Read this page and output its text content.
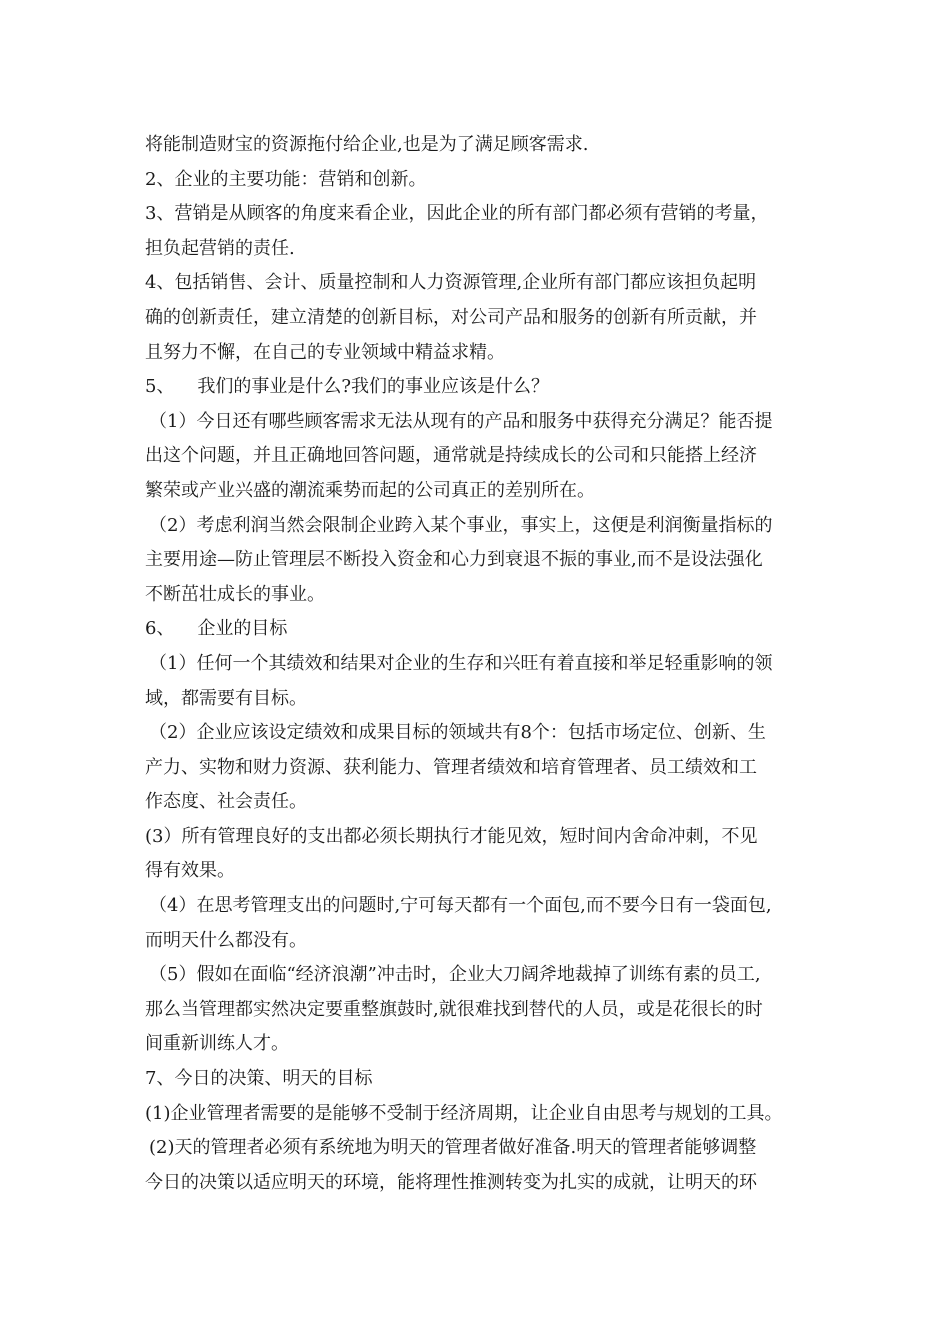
将能制造财宝的资源拖付给企业,也是为了满足顾客需求.
2、企业的主要功能：营销和创新。
3、营销是从顾客的角度来看企业，因此企业的所有部门都必须有营销的考量，
担负起营销的责任.
4、包括销售、会计、质量控制和人力资源管理,企业所有部门都应该担负起明
确的创新责任，建立清楚的创新目标，对公司产品和服务的创新有所贡献，并
且努力不懈，在自己的专业领域中精益求精。
5、    我们的事业是什么?我们的事业应该是什么？
（1）今日还有哪些顾客需求无法从现有的产品和服务中获得充分满足？能否提
出这个问题，并且正确地回答问题，通常就是持续成长的公司和只能搭上经济
繁荣或产业兴盛的潮流乘势而起的公司真正的差别所在。
（2）考虑利润当然会限制企业跨入某个事业，事实上，这便是利润衡量指标的
主要用途—防止管理层不断投入资金和心力到衰退不振的事业,而不是设法强化
不断茁壮成长的事业。
6、    企业的目标
（1）任何一个其绩效和结果对企业的生存和兴旺有着直接和举足轻重影响的领
域，都需要有目标。
（2）企业应该设定绩效和成果目标的领域共有8个：包括市场定位、创新、生
产力、实物和财力资源、获利能力、管理者绩效和培育管理者、员工绩效和工
作态度、社会责任。
(3）所有管理良好的支出都必须长期执行才能见效，短时间内舍命冲刺，不见
得有效果。
（4）在思考管理支出的问题时,宁可每天都有一个面包,而不要今日有一袋面包,
而明天什么都没有。
（5）假如在面临“经济浪潮”冲击时，企业大刀阔斧地裁掉了训练有素的员工,
那么当管理都实然决定要重整旗鼓时,就很难找到替代的人员，或是花很长的时
间重新训练人才。
7、今日的决策、明天的目标
(1)企业管理者需要的是能够不受制于经济周期，让企业自由思考与规划的工具。
(2)天的管理者必须有系统地为明天的管理者做好准备.明天的管理者能够调整
今日的决策以适应明天的环境，能将理性推测转变为扎实的成就，让明天的环
